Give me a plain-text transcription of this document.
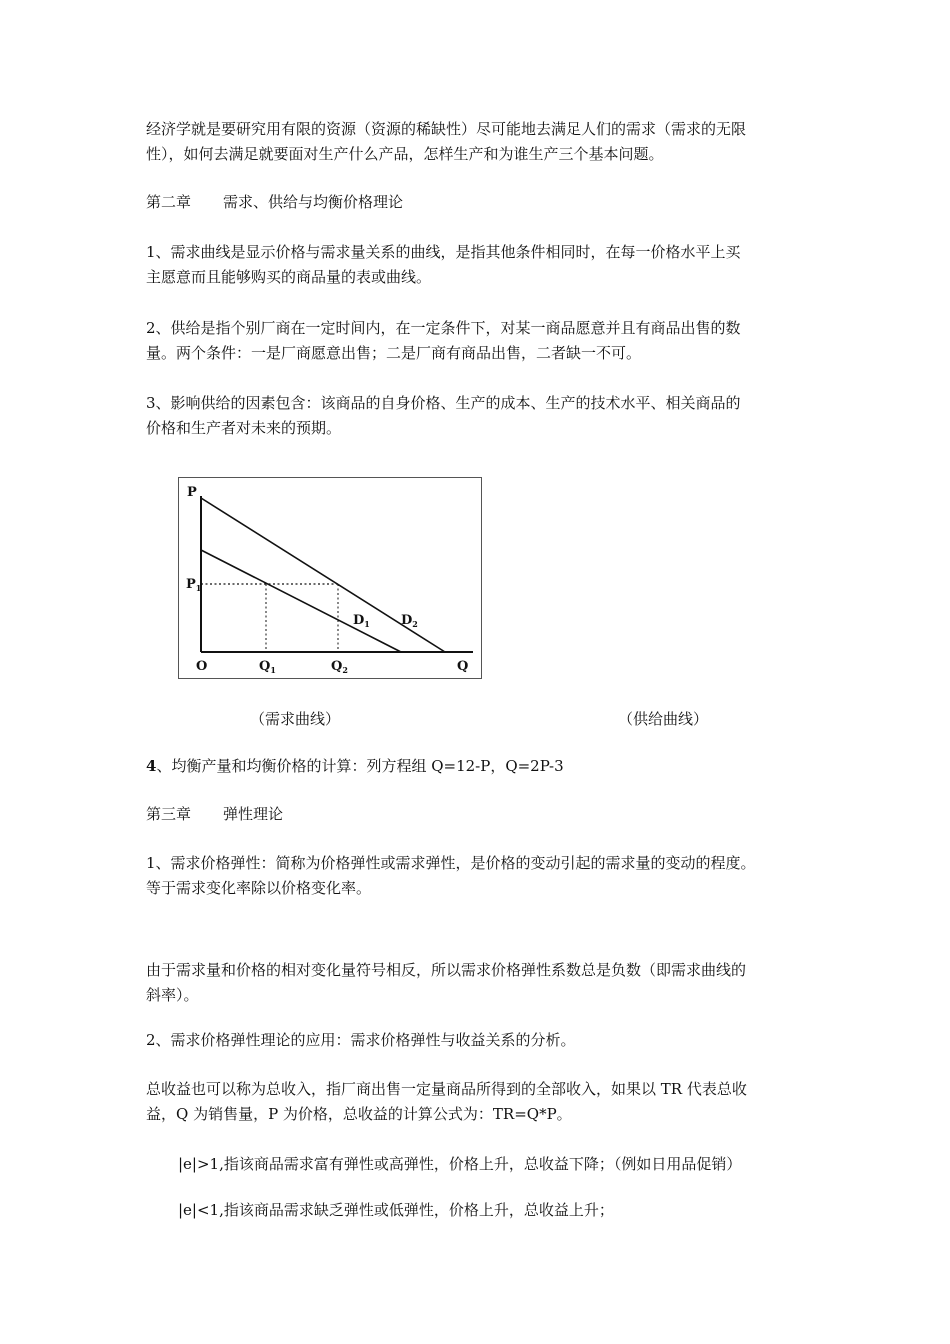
经济学就是要研究用有限的资源（资源的稀缺性）尽可能地去满足人们的需求（需求的无限
性），如何去满足就要面对生产什么产品，怎样生产和为谁生产三个基本问题。

第二章 需求、供给与均衡价格理论

1、需求曲线是显示价格与需求量关系的曲线，是指其他条件相同时，在每一价格水平上买
主愿意而且能够购买的商品量的表或曲线。

2、供给是指个别厂商在一定时间内，在一定条件下，对某一商品愿意并且有商品出售的数
量。两个条件：一是厂商愿意出售；二是厂商有商品出售，二者缺一不可。

3、影响供给的因素包含：该商品的自身价格、生产的成本、生产的技术水平、相关商品的
价格和生产者对未来的预期。

P
$P_1$
O	$Q_1$	$Q_2$	Q
$D_1$ $D_2$
（需求曲线）	（供给曲线）

4、均衡产量和均衡价格的计算：列方程组 Q=12-P，Q=2P-3

第三章 弹性理论

1、需求价格弹性：简称为价格弹性或需求弹性，是价格的变动引起的需求量的变动的程度。
等于需求变化率除以价格变化率。

由于需求量和价格的相对变化量符号相反，所以需求价格弹性系数总是负数（即需求曲线的
斜率）。

2、需求价格弹性理论的应用：需求价格弹性与收益关系的分析。

总收益也可以称为总收入，指厂商出售一定量商品所得到的全部收入，如果以 TR 代表总收
益，Q 为销售量，P 为价格，总收益的计算公式为：TR=Q*P。

|e|>1,指该商品需求富有弹性或高弹性，价格上升，总收益下降；（例如日用品促销）

|e|<1,指该商品需求缺乏弹性或低弹性，价格上升，总收益上升；
